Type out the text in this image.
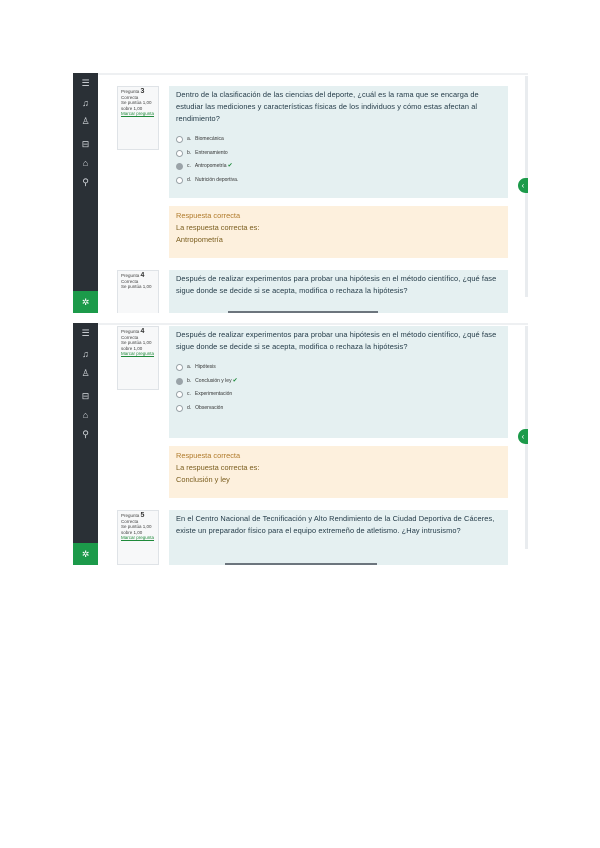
☰
♫
♙
⊟
⌂
⚲
✲
Pregunta 3
Correcta
Se puntúa 1,00 sobre 1,00
Marcar pregunta
Dentro de la clasificación de las ciencias del deporte, ¿cuál es la rama que se encarga de estudiar las mediciones y características físicas de los individuos y cómo estas afectan al rendimiento?
a. Biomecánica
b. Entrenamiento
c. Antropometría ✔
d. Nutrición deportiva.
Respuesta correcta
La respuesta correcta es:
Antropometría
Pregunta 4
Correcta
Se puntúa 1,00
Después de realizar experimentos para probar una hipótesis en el método científico, ¿qué fase sigue donde se decide si se acepta, modifica o rechaza la hipótesis?
‹
☰
♫
♙
⊟
⌂
⚲
✲
Pregunta 4
Correcta
Se puntúa 1,00 sobre 1,00
Marcar pregunta
Después de realizar experimentos para probar una hipótesis en el método científico, ¿qué fase sigue donde se decide si se acepta, modifica o rechaza la hipótesis?
a. Hipótesis
b. Conclusión y ley ✔
c. Experimentación
d. Observación
Respuesta correcta
La respuesta correcta es:
Conclusión y ley
Pregunta 5
Correcta
Se puntúa 1,00 sobre 1,00
Marcar pregunta
En el Centro Nacional de Tecnificación y Alto Rendimiento de la Ciudad Deportiva de Cáceres, existe un preparador físico para el equipo extremeño de atletismo. ¿Hay intrusismo?
‹
